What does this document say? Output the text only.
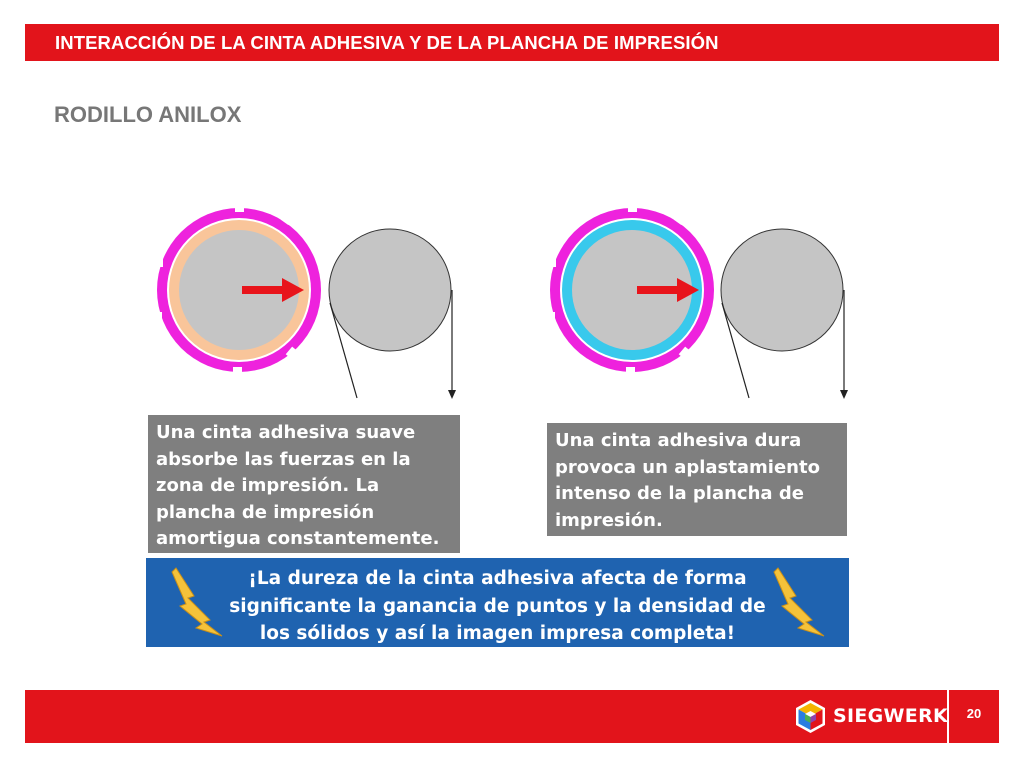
INTERACCIÓN DE LA CINTA ADHESIVA Y DE LA PLANCHA DE IMPRESIÓN
RODILLO ANILOX
Una cinta adhesiva suave
absorbe las fuerzas en la
zona de impresión. La
plancha de impresión
amortigua constantemente.
Una cinta adhesiva dura
provoca un aplastamiento
intenso de la plancha de
impresión.
¡La dureza de la cinta adhesiva afecta de forma
significante la ganancia de puntos y la densidad de
los sólidos y así la imagen impresa completa!
SIEGWERK	20
